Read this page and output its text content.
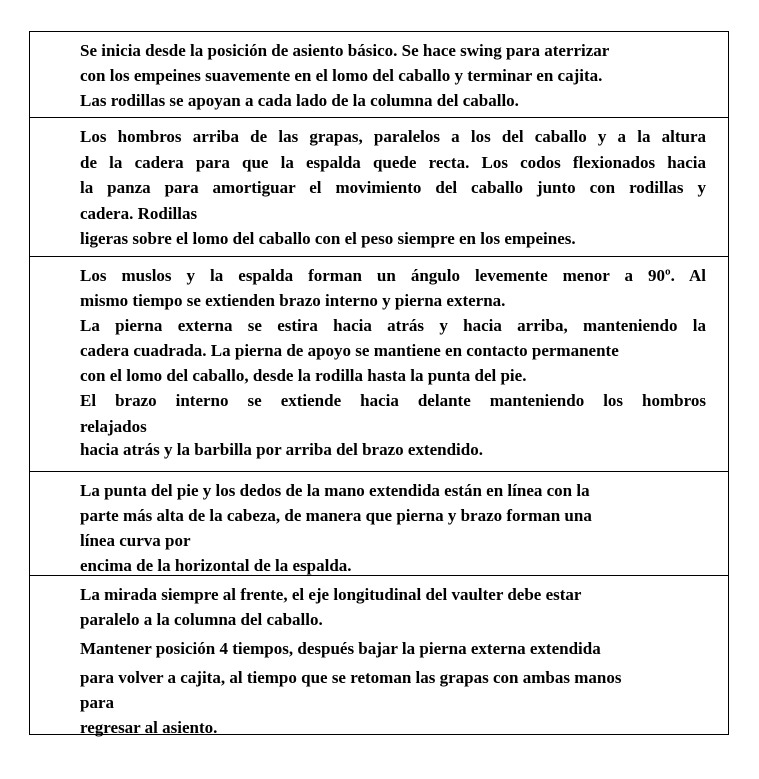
Se inicia desde la posición de asiento básico. Se hace swing para aterrizar
con los empeines suavemente en el lomo del caballo y terminar en cajita.
Las rodillas se apoyan a cada lado de la columna del caballo.
Los hombros arriba de las grapas, paralelos a los del caballo y a la altura
de la cadera para que la espalda quede recta. Los codos flexionados hacia
la panza para amortiguar el movimiento del caballo junto con rodillas y
cadera. Rodillas
ligeras sobre el lomo del caballo con el peso siempre en los empeines.
Los muslos y la espalda forman un ángulo levemente menor a 90º. Al
mismo tiempo se extienden brazo interno y pierna externa.
La pierna externa se estira hacia atrás y hacia arriba, manteniendo la
cadera cuadrada. La pierna de apoyo se mantiene en contacto permanente
con el lomo del caballo, desde la rodilla hasta la punta del pie.
El brazo interno se extiende hacia delante manteniendo los hombros
relajados
hacia atrás y la barbilla por arriba del brazo extendido.
La punta del pie y los dedos de la mano extendida están en línea con la
parte más alta de la cabeza, de manera que pierna y brazo forman una
línea curva por
encima de la horizontal de la espalda.
La mirada siempre al frente, el eje longitudinal del vaulter debe estar
paralelo a la columna del caballo.
Mantener posición 4 tiempos, después bajar la pierna externa extendida
para volver a cajita, al tiempo que se retoman las grapas con ambas manos
para
regresar al asiento.
